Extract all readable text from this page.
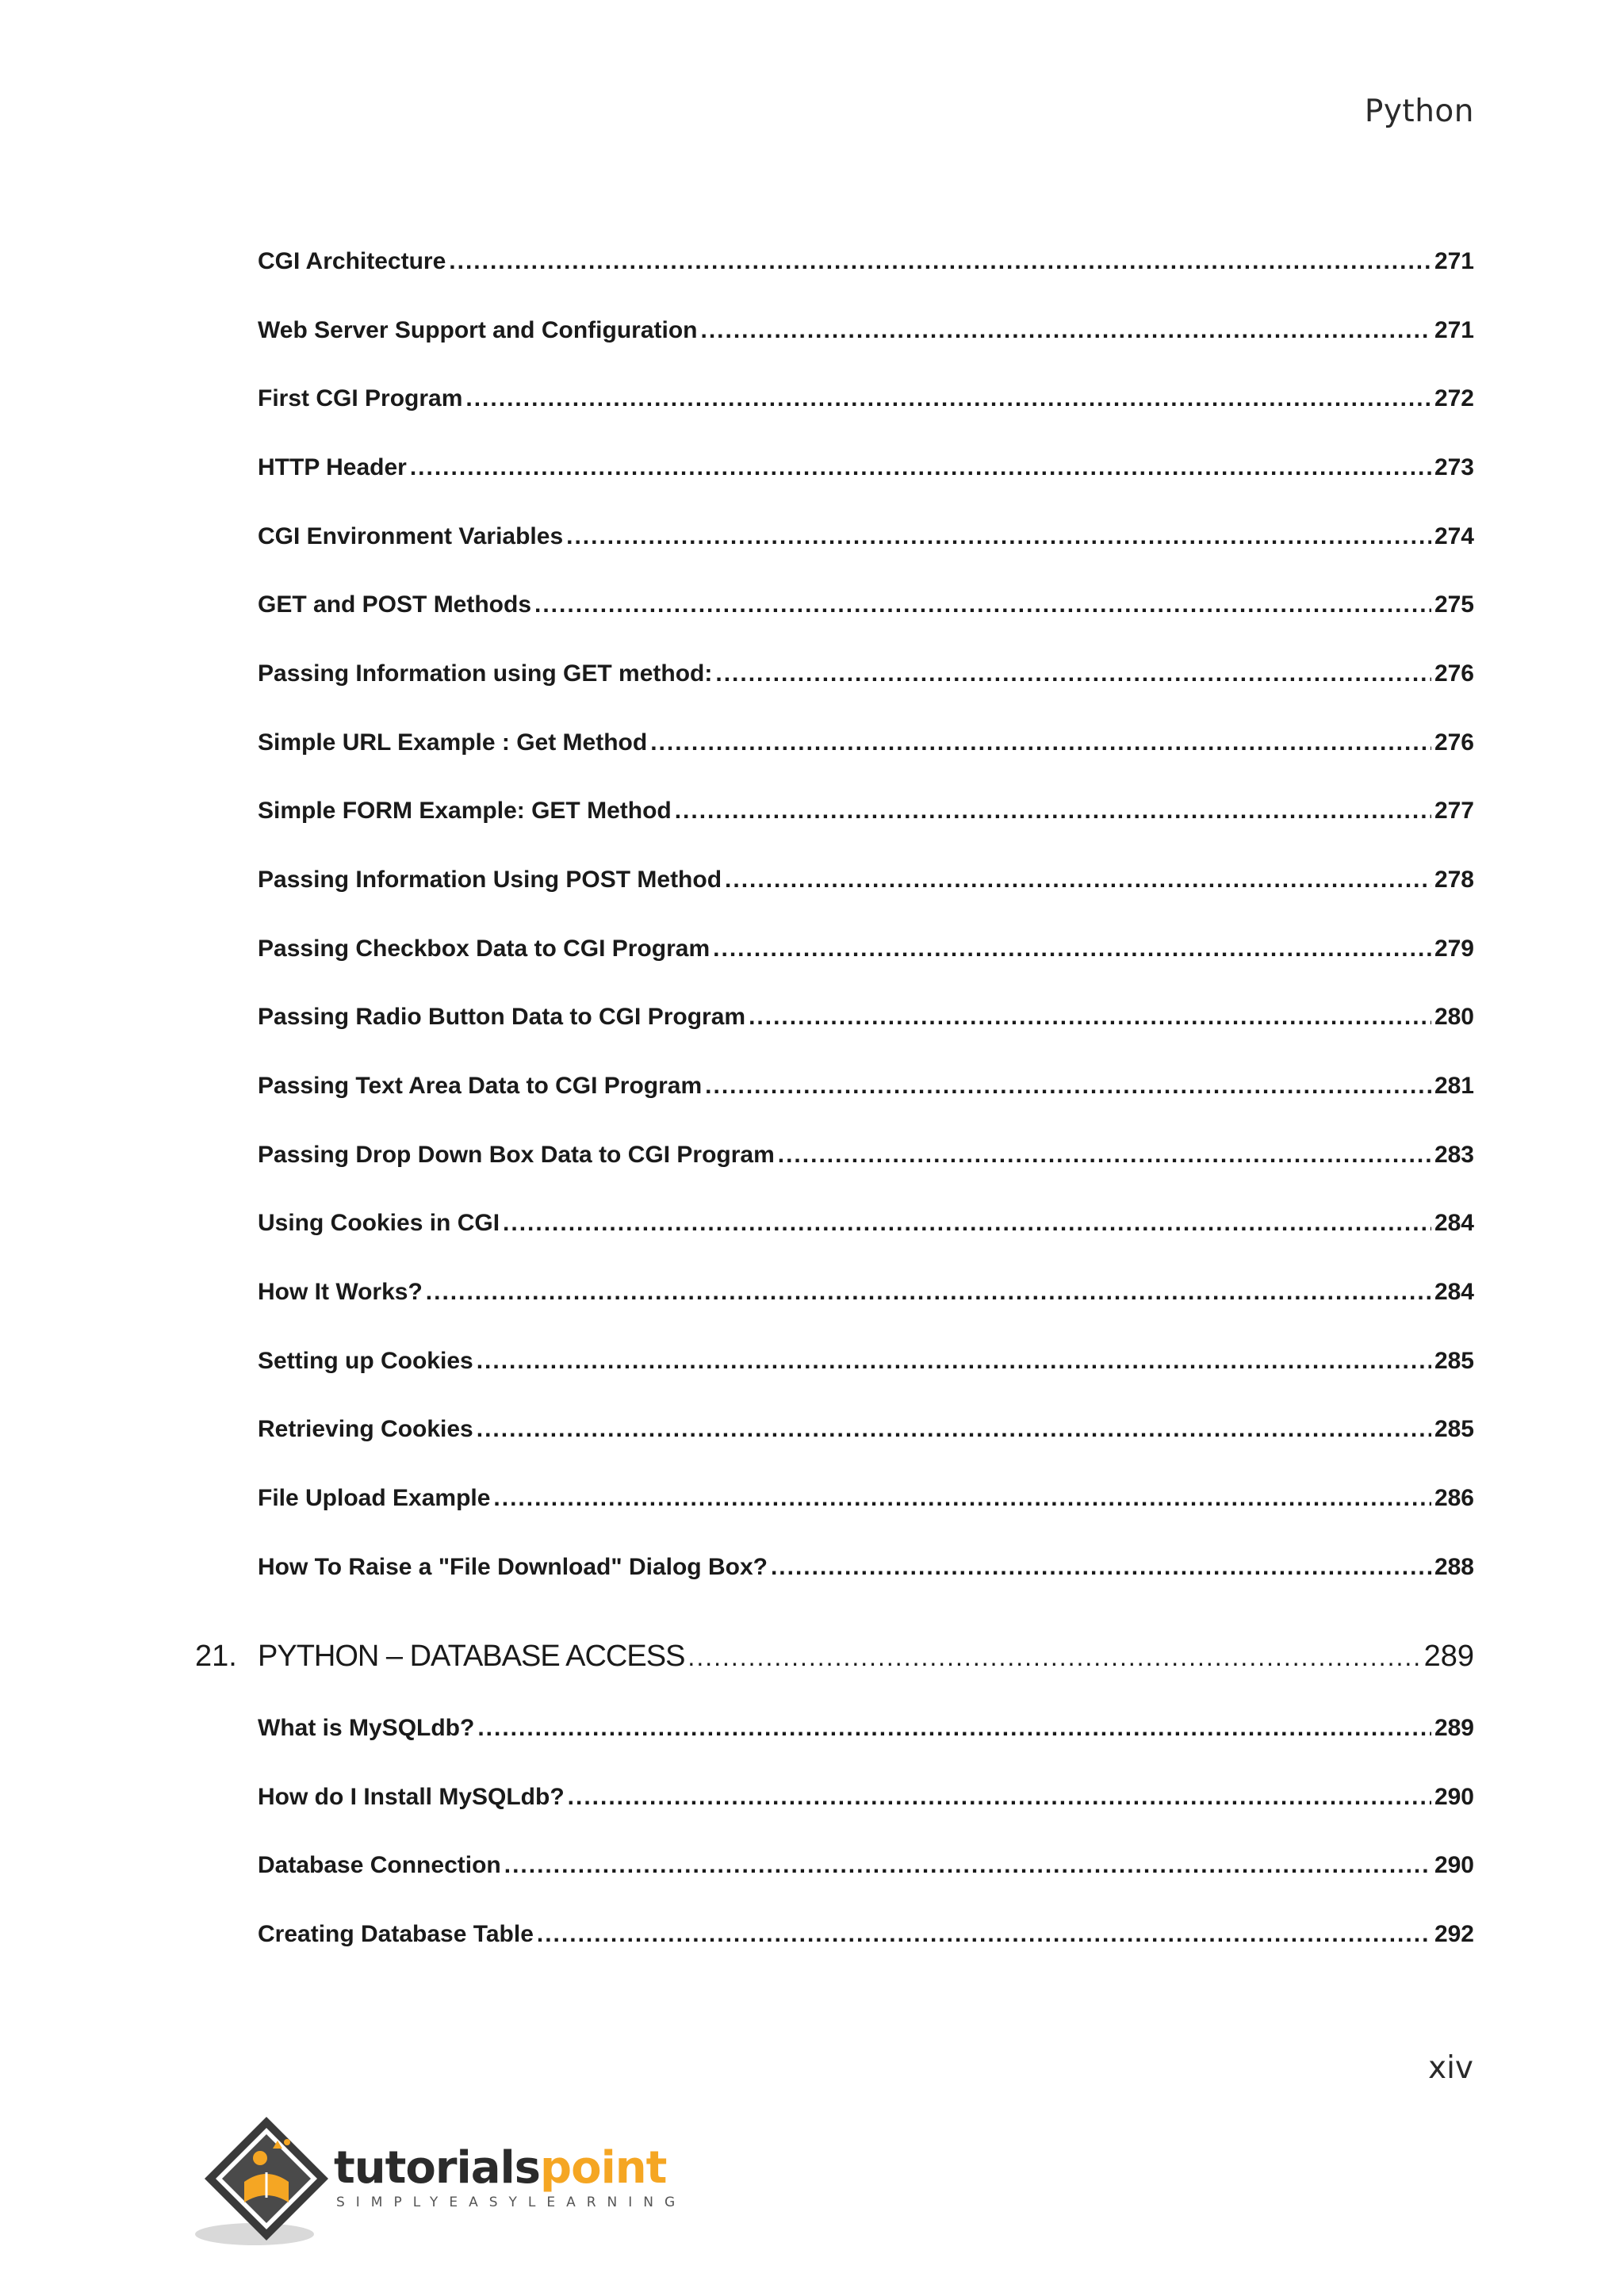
Python
CGI Architecture .....	271
Web Server Support and Configuration .....	271
First CGI Program .....	272
HTTP Header .....	273
CGI Environment Variables .....	274
GET and POST Methods .....	275
Passing Information using GET method: .....	276
Simple URL Example : Get Method .....	276
Simple FORM Example: GET Method .....	277
Passing Information Using POST Method .....	278
Passing Checkbox Data to CGI Program .....	279
Passing Radio Button Data to CGI Program .....	280
Passing Text Area Data to CGI Program .....	281
Passing Drop Down Box Data to CGI Program .....	283
Using Cookies in CGI .....	284
How It Works? .....	284
Setting up Cookies .....	285
Retrieving Cookies .....	285
File Upload Example .....	286
How To Raise a "File Download" Dialog Box? .....	288
21. PYTHON – DATABASE ACCESS .....	289
What is MySQLdb? .....	289
How do I Install MySQLdb? .....	290
Database Connection .....	290
Creating Database Table .....	292
xiv
tutorialspoint
SIMPLYEASYLEARNING
